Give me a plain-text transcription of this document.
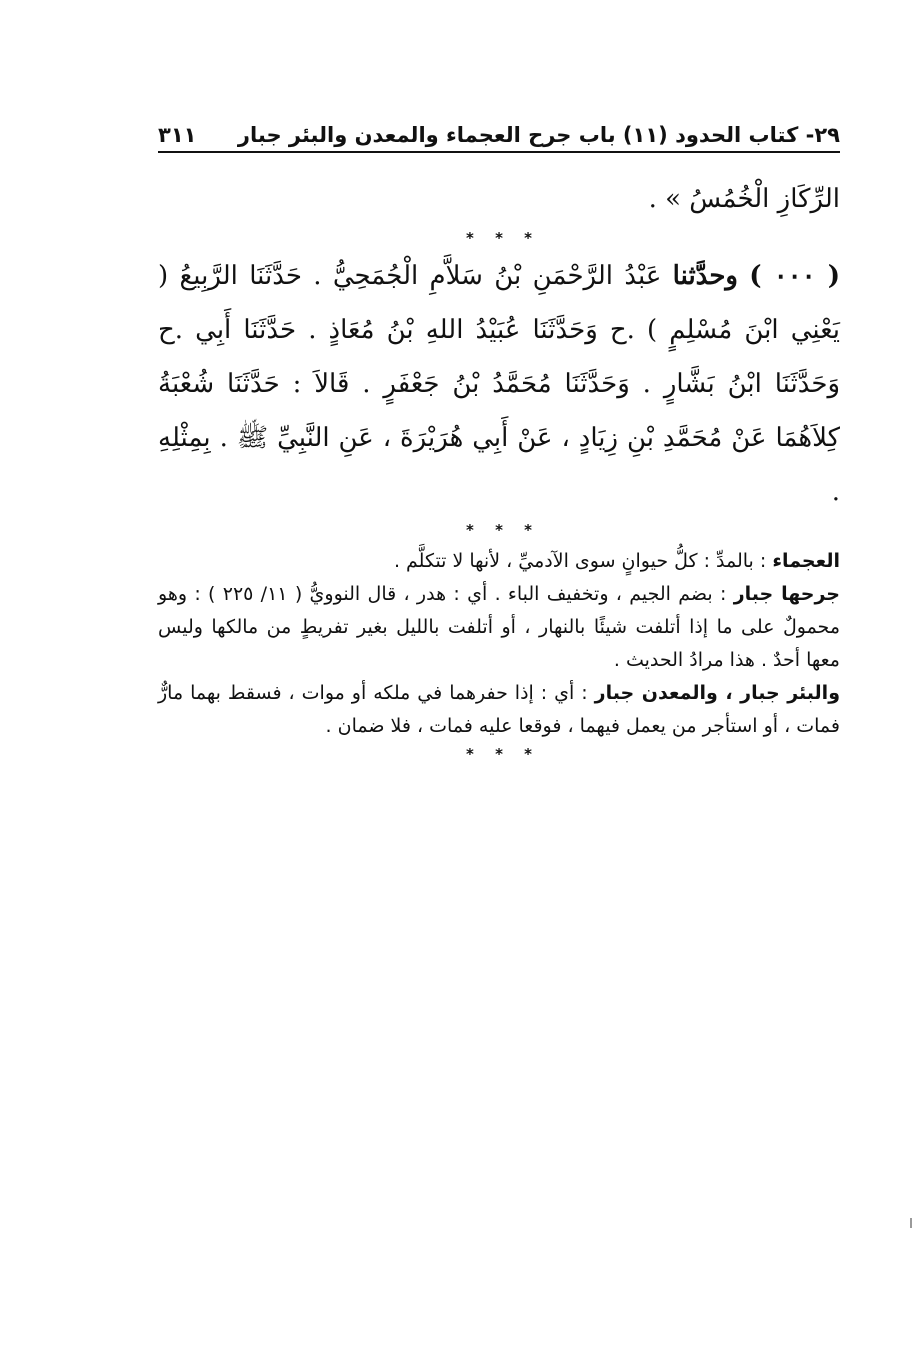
٢٩- كتاب الحدود (١١) باب جرح العجماء والمعدن والبئر جبار
٣١١

الرِّكَازِ الْخُمُسُ » .

* * *

( ٠٠٠ ) وحدَّثنا عَبْدُ الرَّحْمَنِ بْنُ سَلاَّمِ الْجُمَحِيُّ . حَدَّثَنَا الرَّبِيعُ ( يَعْنِي ابْنَ مُسْلِمٍ ) .ح وَحَدَّثَنَا عُبَيْدُ اللهِ بْنُ مُعَاذٍ . حَدَّثَنَا أَبِي .ح وَحَدَّثَنَا ابْنُ بَشَّارٍ . وَحَدَّثَنَا مُحَمَّدُ بْنُ جَعْفَرٍ . قَالاَ : حَدَّثَنَا شُعْبَةُ كِلاَهُمَا عَنْ مُحَمَّدِ بْنِ زِيَادٍ ، عَنْ أَبِي هُرَيْرَةَ ، عَنِ النَّبِيِّ ﷺ . بِمِثْلِهِ .

* * *

العجماء : بالمدِّ : كلُّ حيوانٍ سوى الآدميِّ ، لأنها لا تتكلَّم .

جرحها جبار : بضم الجيم ، وتخفيف الباء . أي : هدر ، قال النوويُّ ( ١١/ ٢٢٥ ) : وهو محمولٌ على ما إذا أتلفت شيئًا بالنهار ، أو أتلفت بالليل بغير تفريطٍ من مالكها وليس معها أحدٌ . هذا مرادُ الحديث .

والبئر جبار ، والمعدن جبار : أي : إذا حفرهما في ملكه أو موات ، فسقط بهما مارٌّ فمات ، أو استأجر من يعمل فيهما ، فوقعا عليه فمات ، فلا ضمان .

* * *
